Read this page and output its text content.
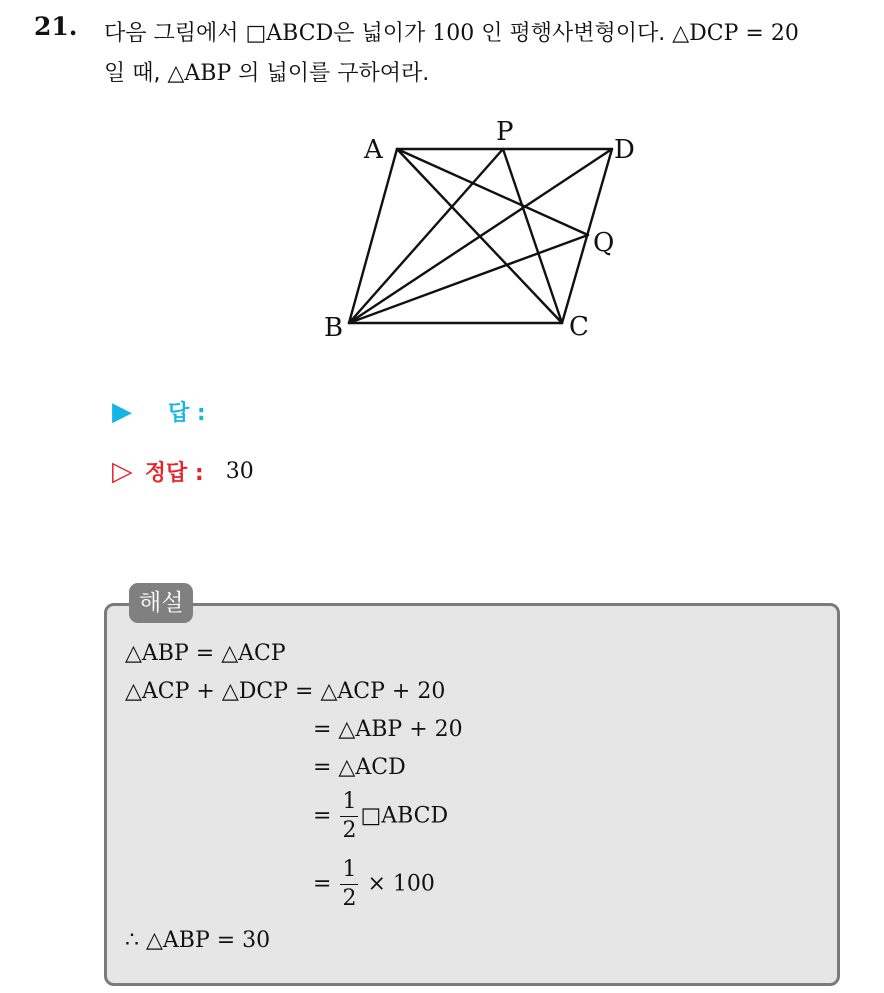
21. 다음 그림에서 □ABCD은 넓이가 100 인 평행사변형이다. △DCP = 20
일 때, △ABP 의 넓이를 구하여라.
A
P
D
Q
B	C
▶ 답 :
▷ 정답 : 30
해설
△ABP = △ACP
△ACP + △DCP = △ACP + 20
= △ABP + 20
= △ACD
= $\frac{1}{2}$ □ABCD
= $\frac{1}{2} \times 100$
∴ △ABP = 30
